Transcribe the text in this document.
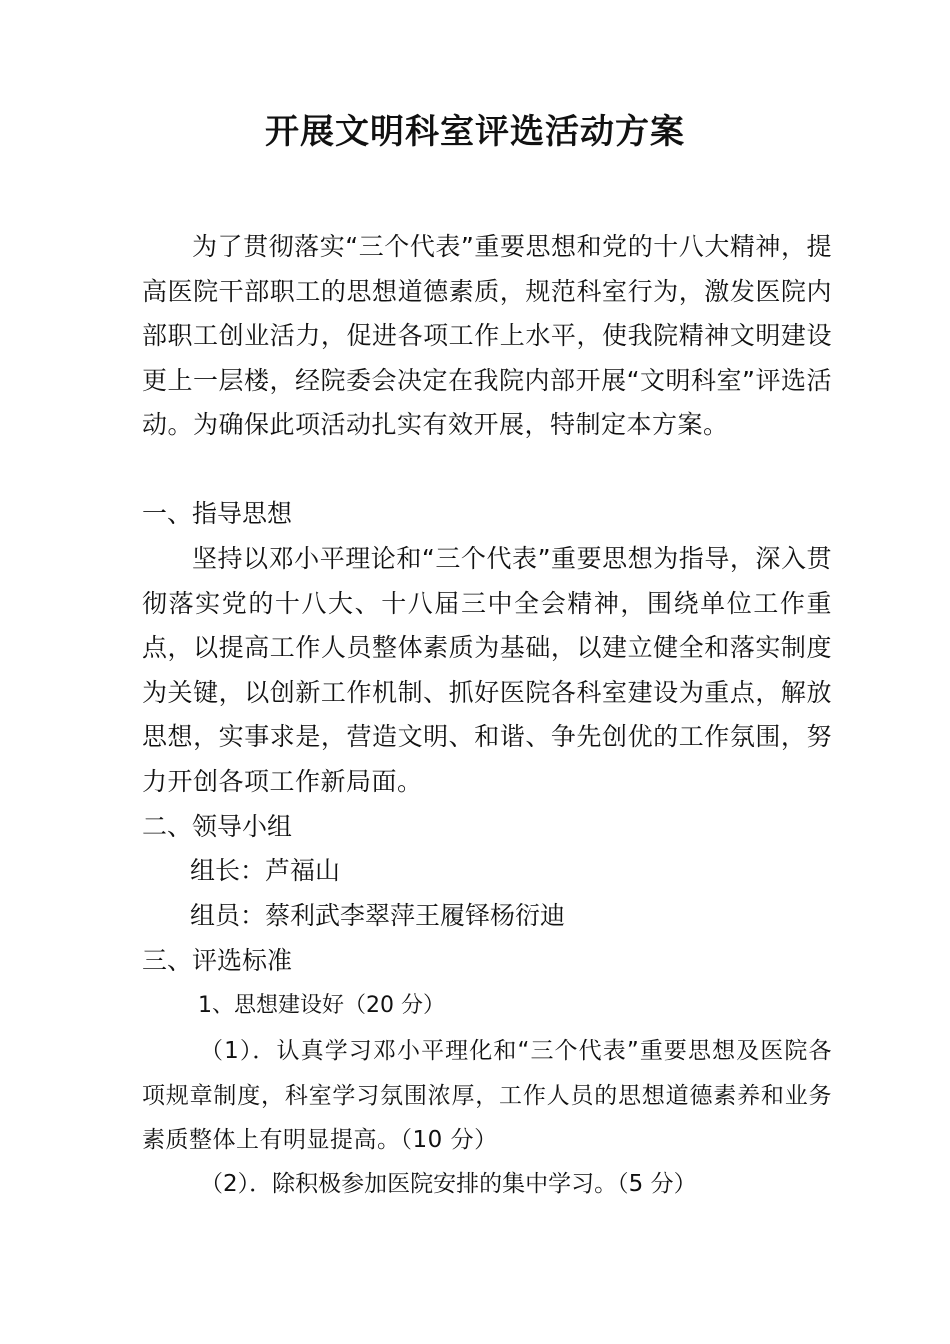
开展文明科室评选活动方案

为了贯彻落实“三个代表”重要思想和党的十八大精神，提高医院干部职工的思想道德素质，规范科室行为，激发医院内部职工创业活力，促进各项工作上水平，使我院精神文明建设更上一层楼，经院委会决定在我院内部开展“文明科室”评选活动。为确保此项活动扎实有效开展，特制定本方案。

一、指导思想

坚持以邓小平理论和“三个代表”重要思想为指导，深入贯彻落实党的十八大、十八届三中全会精神，围绕单位工作重点，以提高工作人员整体素质为基础，以建立健全和落实制度为关键，以创新工作机制、抓好医院各科室建设为重点，解放思想，实事求是，营造文明、和谐、争先创优的工作氛围，努力开创各项工作新局面。

二、领导小组

组长：芦福山

组员：蔡利武李翠萍王履铎杨衍迪

三、评选标准

1、思想建设好（20 分）

（1）．认真学习邓小平理化和“三个代表”重要思想及医院各项规章制度，科室学习氛围浓厚，工作人员的思想道德素养和业务素质整体上有明显提高。（10 分）

（2）．除积极参加医院安排的集中学习。（5 分）
